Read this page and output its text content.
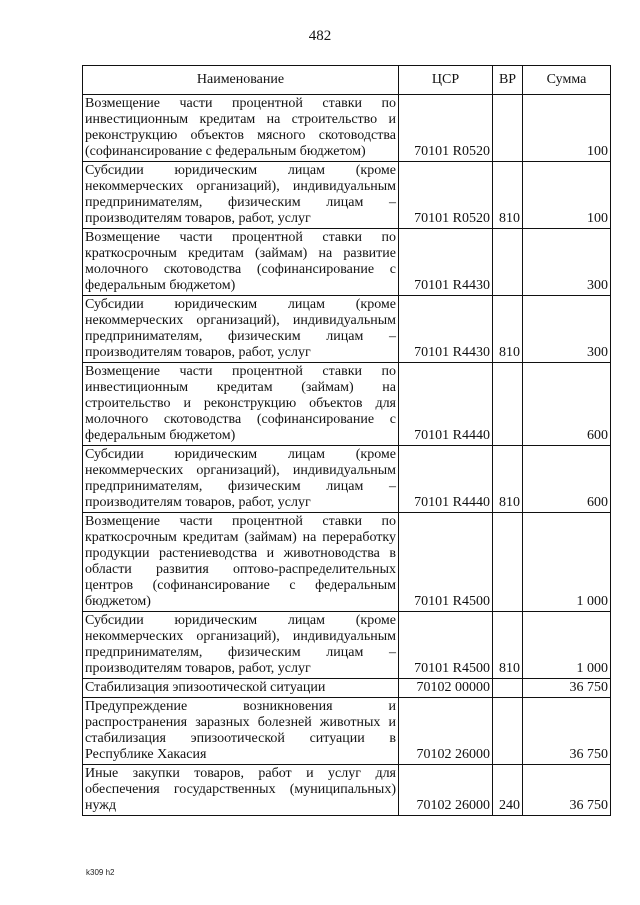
482
Наименование	ЦСР	ВР	Сумма
Возмещение части процентной ставки по инвестиционным кредитам на строительство и реконструкцию объектов мясного скотоводства (софинансирование с федеральным бюджетом)	70101 R0520		100
Субсидии юридическим лицам (кроме некоммерческих организаций), индивидуальным предпринимателям, физическим лицам – производителям товаров, работ, услуг	70101 R0520	810	100
Возмещение части процентной ставки по краткосрочным кредитам (займам) на развитие молочного скотоводства (софинансирование с федеральным бюджетом)	70101 R4430		300
Субсидии юридическим лицам (кроме некоммерческих организаций), индивидуальным предпринимателям, физическим лицам – производителям товаров, работ, услуг	70101 R4430	810	300
Возмещение части процентной ставки по инвестиционным кредитам (займам) на строительство и реконструкцию объектов для молочного скотоводства (софинансирование с федеральным бюджетом)	70101 R4440		600
Субсидии юридическим лицам (кроме некоммерческих организаций), индивидуальным предпринимателям, физическим лицам – производителям товаров, работ, услуг	70101 R4440	810	600
Возмещение части процентной ставки по краткосрочным кредитам (займам) на переработку продукции растениеводства и животноводства в области развития оптово-распределительных центров (софинансирование с федеральным бюджетом)	70101 R4500		1 000
Субсидии юридическим лицам (кроме некоммерческих организаций), индивидуальным предпринимателям, физическим лицам – производителям товаров, работ, услуг	70101 R4500	810	1 000
Стабилизация эпизоотической ситуации	70102 00000		36 750
Предупреждение возникновения и распространения заразных болезней животных и стабилизация эпизоотической ситуации в Республике Хакасия	70102 26000		36 750
Иные закупки товаров, работ и услуг для обеспечения государственных (муниципальных) нужд	70102 26000	240	36 750
k309 h2
